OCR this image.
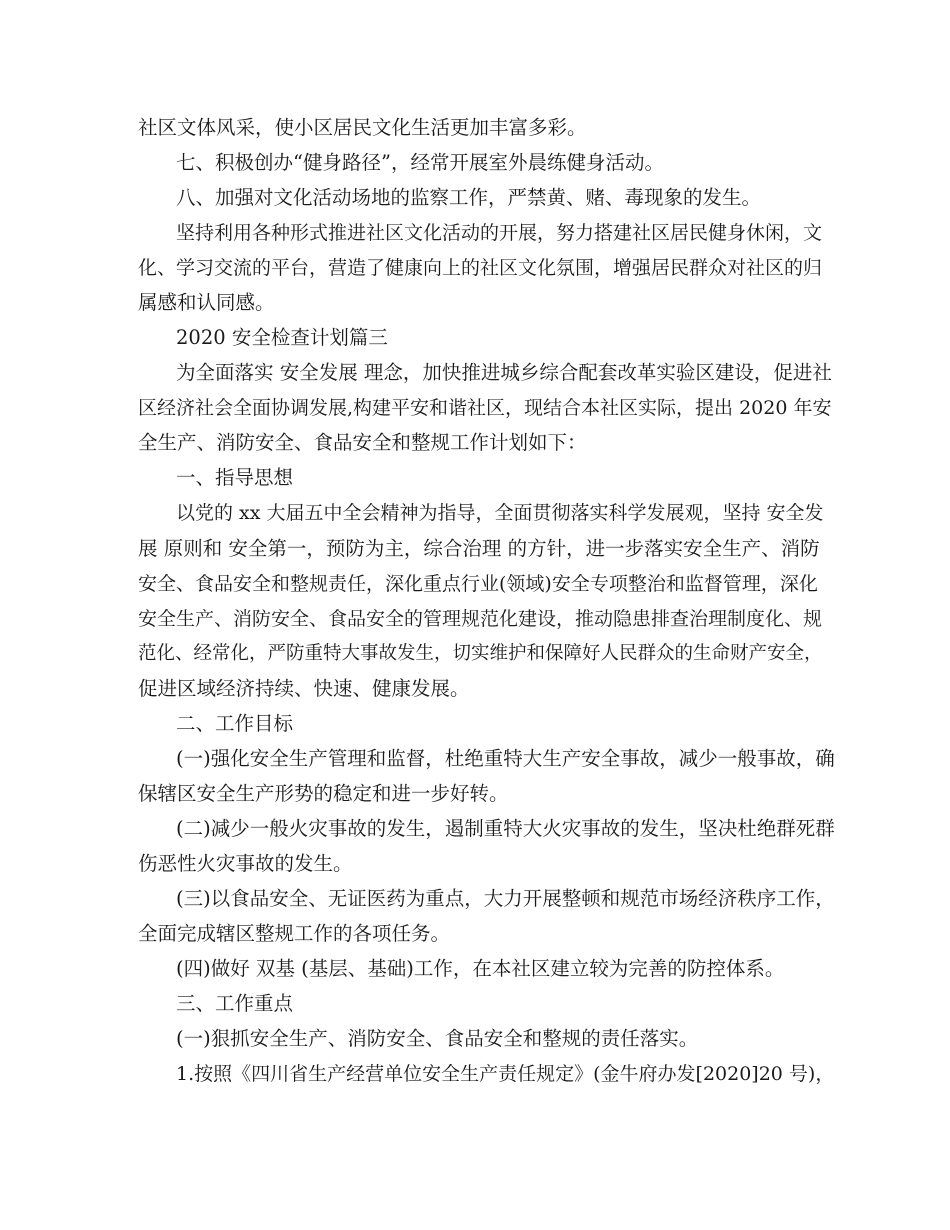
社区文体风采，使小区居民文化生活更加丰富多彩。
七、积极创办“健身路径”，经常开展室外晨练健身活动。
八、加强对文化活动场地的监察工作，严禁黄、赌、毒现象的发生。
坚持利用各种形式推进社区文化活动的开展，努力搭建社区居民健身休闲，文
化、学习交流的平台，营造了健康向上的社区文化氛围，增强居民群众对社区的归
属感和认同感。
2020 安全检查计划篇三
为全面落实 安全发展 理念，加快推进城乡综合配套改革实验区建设，促进社
区经济社会全面协调发展,构建平安和谐社区，现结合本社区实际，提出 2020 年安
全生产、消防安全、食品安全和整规工作计划如下：
一、指导思想
以党的 xx 大届五中全会精神为指导，全面贯彻落实科学发展观，坚持 安全发
展 原则和 安全第一，预防为主，综合治理 的方针，进一步落实安全生产、消防
安全、食品安全和整规责任，深化重点行业(领域)安全专项整治和监督管理，深化
安全生产、消防安全、食品安全的管理规范化建设，推动隐患排查治理制度化、规
范化、经常化，严防重特大事故发生，切实维护和保障好人民群众的生命财产安全，
促进区域经济持续、快速、健康发展。
二、工作目标
(一)强化安全生产管理和监督，杜绝重特大生产安全事故，减少一般事故，确
保辖区安全生产形势的稳定和进一步好转。
(二)减少一般火灾事故的发生，遏制重特大火灾事故的发生，坚决杜绝群死群
伤恶性火灾事故的发生。
(三)以食品安全、无证医药为重点，大力开展整顿和规范市场经济秩序工作，
全面完成辖区整规工作的各项任务。
(四)做好 双基 (基层、基础)工作，在本社区建立较为完善的防控体系。
三、工作重点
(一)狠抓安全生产、消防安全、食品安全和整规的责任落实。
1.按照《四川省生产经营单位安全生产责任规定》(金牛府办发[2020]20 号)，
